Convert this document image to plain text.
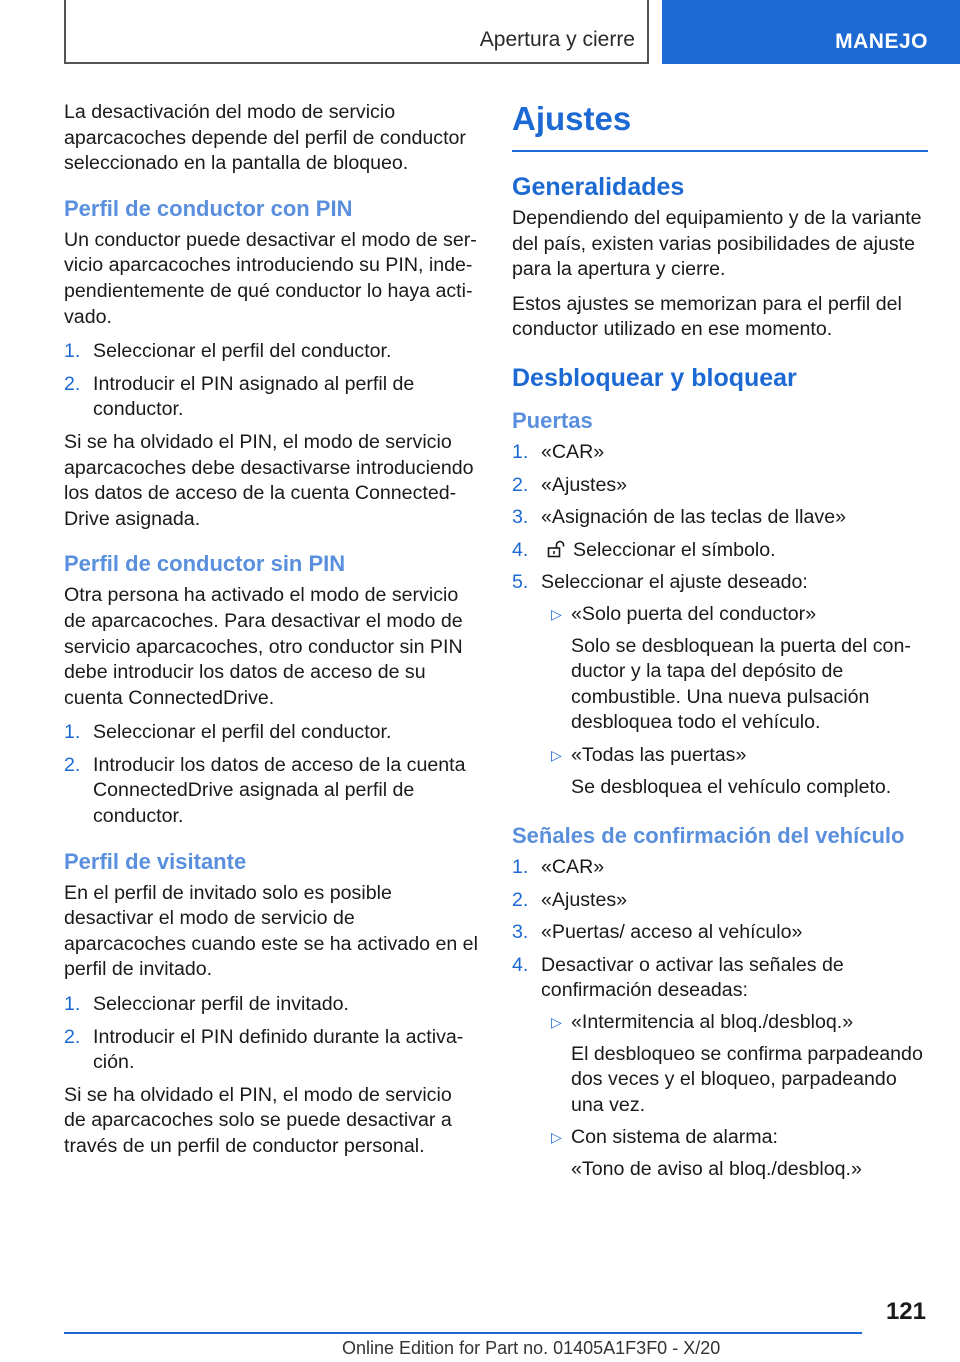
Apertura y cierre	MANEJO

La desactivación del modo de servicio aparcacoches depende del perfil de conductor seleccionado en la pantalla de bloqueo.

Perfil de conductor con PIN

Un conductor puede desactivar el modo de servicio aparcacoches introduciendo su PIN, independientemente de qué conductor lo haya activado.

1. Seleccionar el perfil del conductor.
2. Introducir el PIN asignado al perfil de conductor.

Si se ha olvidado el PIN, el modo de servicio aparcacoches debe desactivarse introduciendo los datos de acceso de la cuenta ConnectedDrive asignada.

Perfil de conductor sin PIN

Otra persona ha activado el modo de servicio de aparcacoches. Para desactivar el modo de servicio aparcacoches, otro conductor sin PIN debe introducir los datos de acceso de su cuenta ConnectedDrive.

1. Seleccionar el perfil del conductor.
2. Introducir los datos de acceso de la cuenta ConnectedDrive asignada al perfil de conductor.
Perfil de visitante

En el perfil de invitado solo es posible desactivar el modo de servicio de aparcacoches cuando este se ha activado en el perfil de invitado.

1. Seleccionar perfil de invitado.
2. Introducir el PIN definido durante la activación.

Si se ha olvidado el PIN, el modo de servicio de aparcacoches solo se puede desactivar a través de un perfil de conductor personal.

Ajustes
Generalidades

Dependiendo del equipamiento y de la variante del país, existen varias posibilidades de ajuste para la apertura y cierre.

Estos ajustes se memorizan para el perfil del conductor utilizado en ese momento.

Desbloquear y bloquear
Puertas
1. «CAR»
2. «Ajustes»
3. «Asignación de las teclas de llave»
4. Seleccionar el símbolo.
5. Seleccionar el ajuste deseado:
▷ «Solo puerta del conductor»
Solo se desbloquean la puerta del conductor y la tapa del depósito de combustible. Una nueva pulsación desbloquea todo el vehículo.
▷ «Todas las puertas»
Se desbloquea el vehículo completo.
Señales de confirmación del vehículo
1. «CAR»
2. «Ajustes»
3. «Puertas/ acceso al vehículo»
4. Desactivar o activar las señales de confirmación deseadas:
▷ «Intermitencia al bloq./desbloq.»
El desbloqueo se confirma parpadeando dos veces y el bloqueo, parpadeando una vez.
▷ Con sistema de alarma:
«Tono de aviso al bloq./desbloq.»
121
Online Edition for Part no. 01405A1F3F0 - X/20
